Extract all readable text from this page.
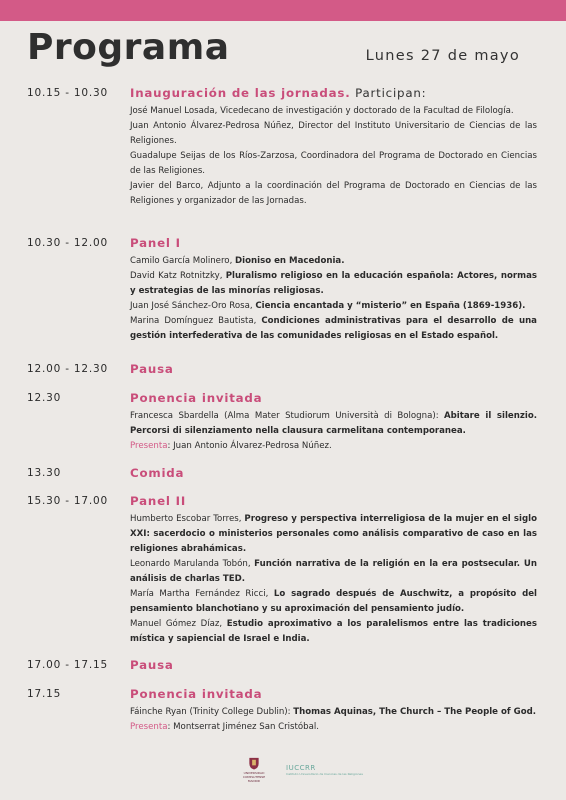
Programa	Lunes 27 de mayo
10.15 - 10.30	Inauguración de las jornadas. Participan:
José Manuel Losada, Vicedecano de investigación y doctorado de la Facultad de Filología.
Juan Antonio Álvarez-Pedrosa Núñez, Director del Instituto Universitario de Ciencias de las Religiones.
Guadalupe Seijas de los Ríos-Zarzosa, Coordinadora del Programa de Doctorado en Ciencias de las Religiones.
Javier del Barco, Adjunto a la coordinación del Programa de Doctorado en Ciencias de las Religiones y organizador de las Jornadas.
10.30 - 12.00	Panel I
Camilo García Molinero, Dioniso en Macedonia.
David Katz Rotnitzky, Pluralismo religioso en la educación española: Actores, normas y estrategias de las minorías religiosas.
Juan José Sánchez-Oro Rosa, Ciencia encantada y “misterio” en España (1869-1936).
Marina Domínguez Bautista, Condiciones administrativas para el desarrollo de una gestión interfederativa de las comunidades religiosas en el Estado español.
12.00 - 12.30	Pausa
12.30	Ponencia invitada
Francesca Sbardella (Alma Mater Studiorum Università di Bologna): Abitare il silenzio. Percorsi di silenziamento nella clausura carmelitana contemporanea.
Presenta: Juan Antonio Álvarez-Pedrosa Núñez.
13.30	Comida
15.30 - 17.00	Panel II
Humberto Escobar Torres, Progreso y perspectiva interreligiosa de la mujer en el siglo XXI: sacerdocio o ministerios personales como análisis comparativo de caso en las religiones abrahámicas.
Leonardo Marulanda Tobón, Función narrativa de la religión en la era postsecular. Un análisis de charlas TED.
María Martha Fernández Ricci, Lo sagrado después de Auschwitz, a propósito del pensamiento blanchotiano y su aproximación del pensamiento judío.
Manuel Gómez Díaz, Estudio aproximativo a los paralelismos entre las tradiciones mística y sapiencial de Israel e India.
17.00 - 17.15	Pausa
17.15	Ponencia invitada
Fáinche Ryan (Trinity College Dublin): Thomas Aquinas, The Church – The People of God.
Presenta: Montserrat Jiménez San Cristóbal.
UNIVERSIDAD COMPLUTENSE MADRID
IUCCRR
Instituto Universitario de Ciencias de las Religiones
